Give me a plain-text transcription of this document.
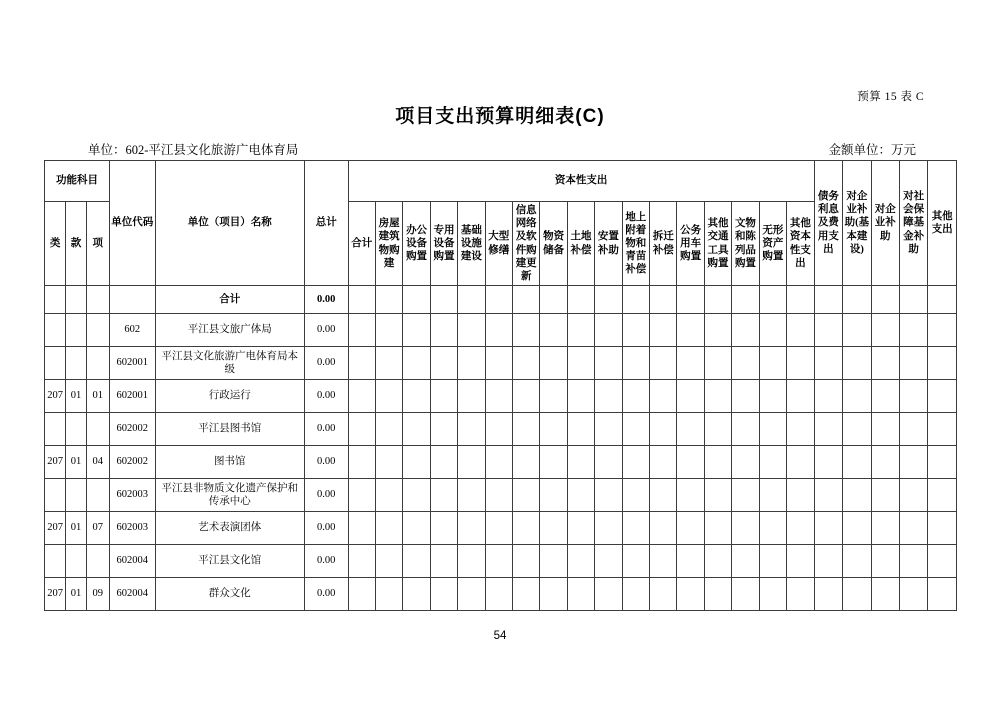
预算 15 表 C
项目支出预算明细表(C)
单位：602-平江县文化旅游广电体育局	金额单位：万元
功能科目			单位代码	单位（项目）名称	总计	资本性支出																	债务利息及费用支出	对企业补助(基本建设)	对企业补助	对社会保障基金补助	其他支出
类	款	项				合计	房屋建筑物购建	办公设备购置	专用设备购置	基础设施建设	大型修缮	信息网络及软件购建更新	物资储备	土地补偿	安置补助	地上附着物和青苗补偿	拆迁补偿	公务用车购置	其他交通工具购置	文物和陈列品购置	无形资产购置	其他资本性支出					
				合计	0.00																						
			602	平江县文旅广体局	0.00																						
			602001	平江县文化旅游广电体育局本级	0.00																						
207	01	01	602001	行政运行	0.00																						
			602002	平江县图书馆	0.00																						
207	01	04	602002	图书馆	0.00																						
			602003	平江县非物质文化遗产保护和传承中心	0.00																						
207	01	07	602003	艺术表演团体	0.00																						
			602004	平江县文化馆	0.00																						
207	01	09	602004	群众文化	0.00																						
54
